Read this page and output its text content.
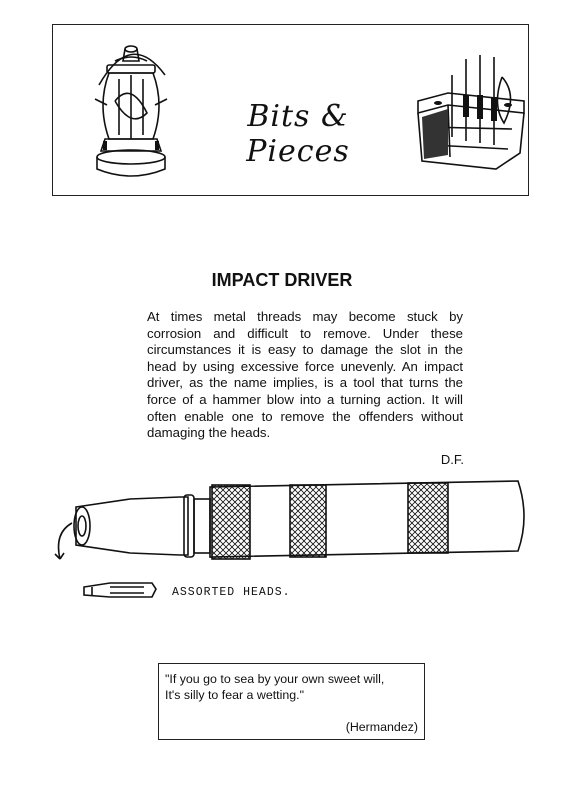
Bits & Pieces
IMPACT DRIVER

At times metal threads may become stuck by corrosion and difficult to remove. Under these circumstances it is easy to damage the slot in the head by using excessive force unevenly. An impact driver, as the name implies, is a tool that turns the force of a hammer blow into a turning action. It will often enable one to remove the offenders without damaging the heads.

D.F.
ASSORTED HEADS.
"If you go to sea by your own sweet will,
It's silly to fear a wetting."
(Hermandez)
